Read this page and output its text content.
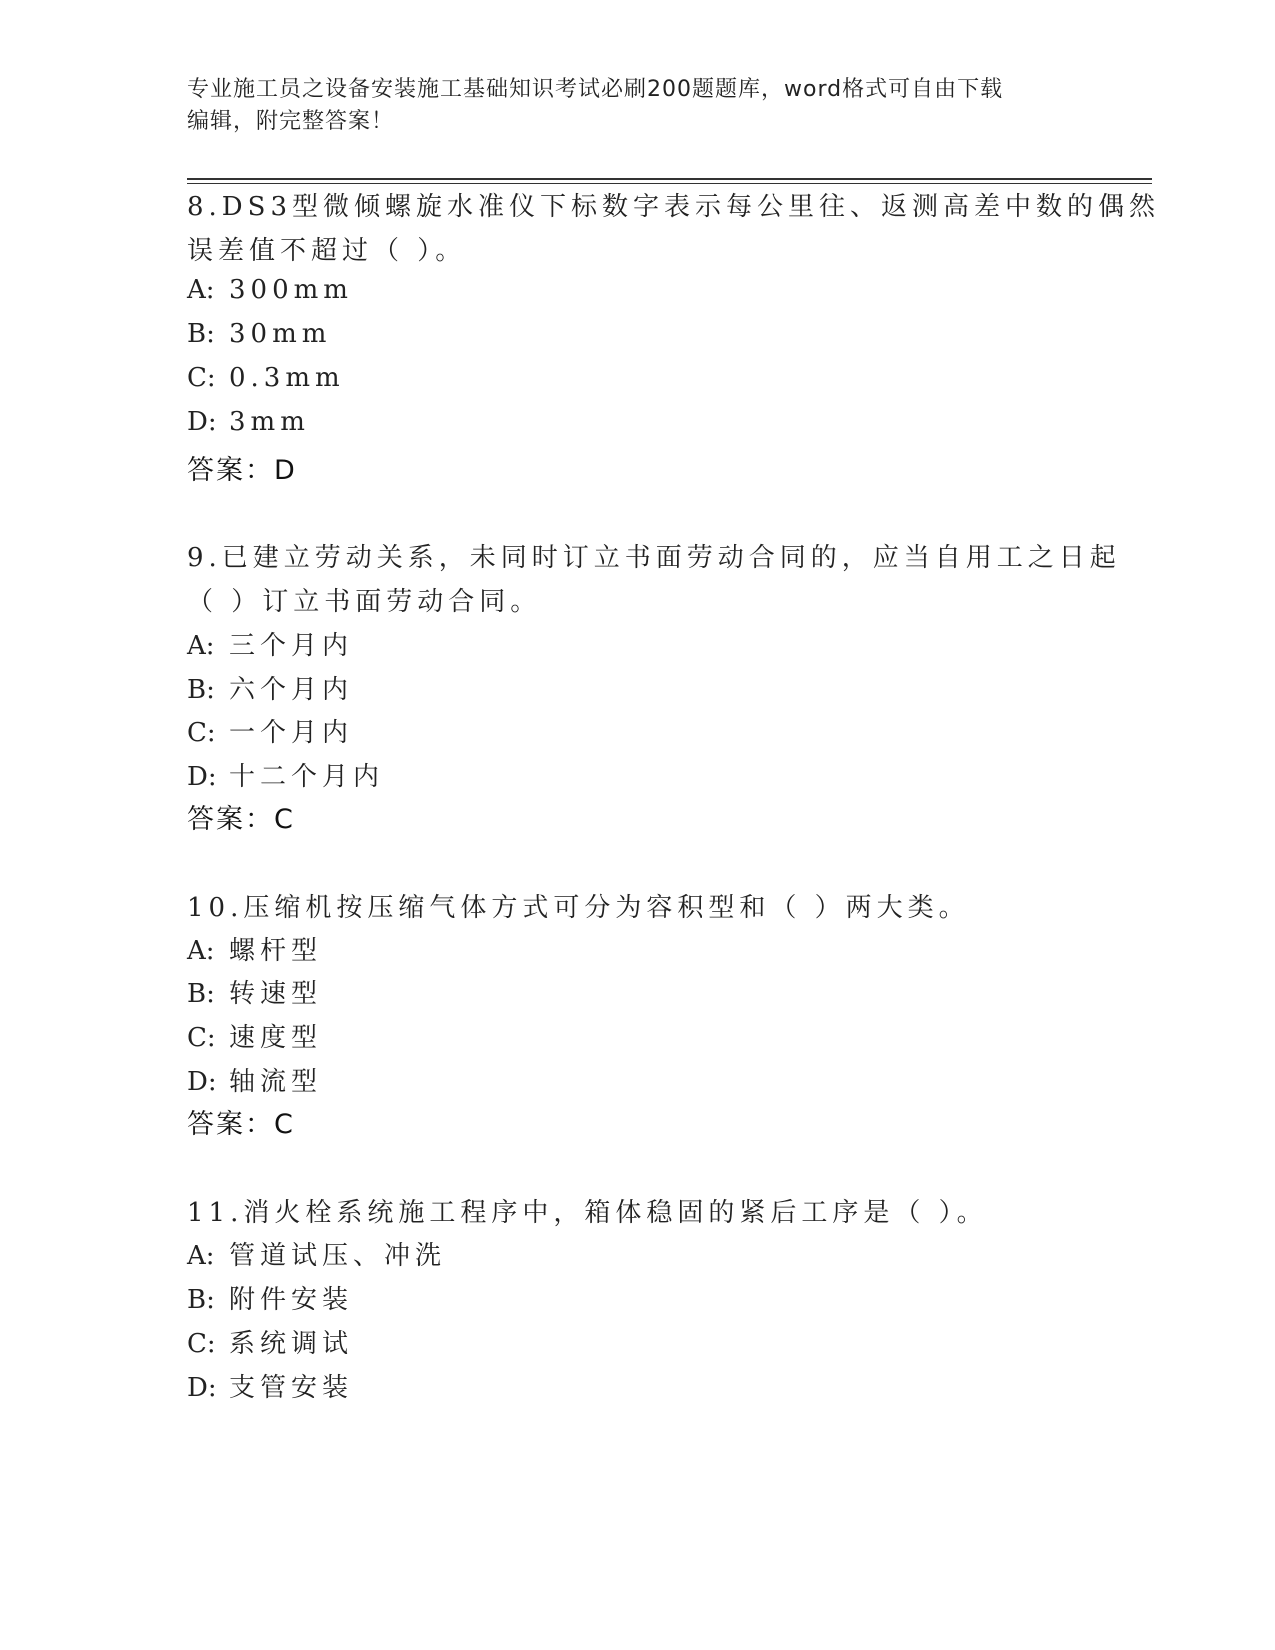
专业施工员之设备安装施工基础知识考试必刷200题题库，word格式可自由下载
编辑，附完整答案！
8.DS3型微倾螺旋水准仪下标数字表示每公里往、返测高差中数的偶然
误差值不超过（ ）。
A: 300mm
B: 30mm
C: 0.3mm
D: 3mm
答案：D
9.已建立劳动关系，未同时订立书面劳动合同的，应当自用工之日起
（ ）订立书面劳动合同。
A: 三个月内
B: 六个月内
C: 一个月内
D: 十二个月内
答案：C
10.压缩机按压缩气体方式可分为容积型和（ ）两大类。
A: 螺杆型
B: 转速型
C: 速度型
D: 轴流型
答案：C
11.消火栓系统施工程序中，箱体稳固的紧后工序是（ ）。
A: 管道试压、冲洗
B: 附件安装
C: 系统调试
D: 支管安装
